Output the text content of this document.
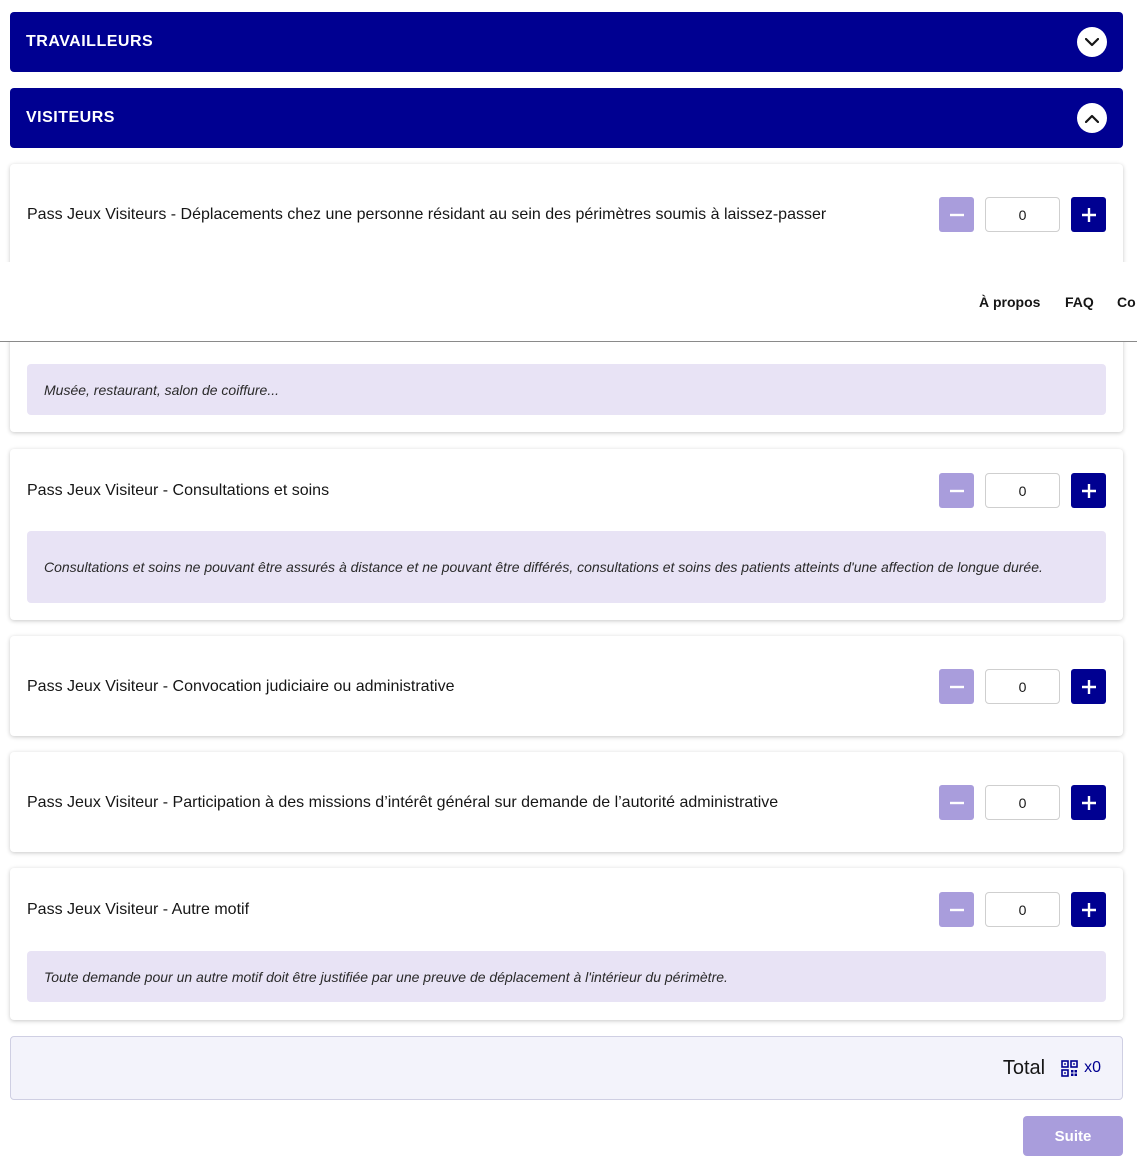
TRAVAILLEURS
VISITEURS
Pass Jeux Visiteurs - Déplacements chez une personne résidant au sein des périmètres soumis à laissez-passer
0
À propos FAQ Co
Musée, restaurant, salon de coiffure...
Pass Jeux Visiteur - Consultations et soins
0
Consultations et soins ne pouvant être assurés à distance et ne pouvant être différés, consultations et soins des patients atteints d'une affection de longue durée.
Pass Jeux Visiteur - Convocation judiciaire ou administrative
0
Pass Jeux Visiteur - Participation à des missions d’intérêt général sur demande de l’autorité administrative
0
Pass Jeux Visiteur - Autre motif
0
Toute demande pour un autre motif doit être justifiée par une preuve de déplacement à l'intérieur du périmètre.
Total x0
Suite
